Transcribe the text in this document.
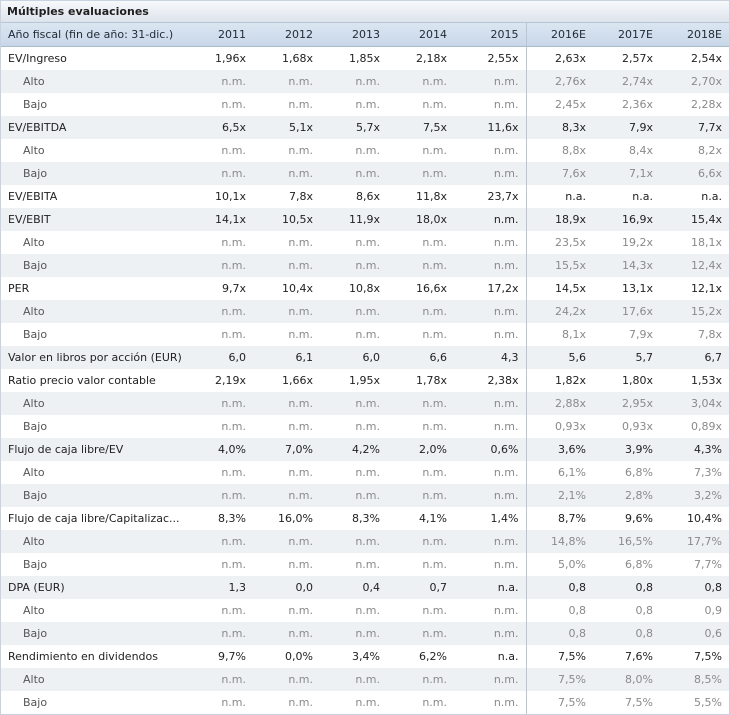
Múltiples evaluaciones
Año fiscal (fin de año: 31-dic.)	2011	2012	2013	2014	2015	2016E	2017E	2018E
EV/Ingreso	1,96x	1,68x	1,85x	2,18x	2,55x	2,63x	2,57x	2,54x
Alto	n.m.	n.m.	n.m.	n.m.	n.m.	2,76x	2,74x	2,70x
Bajo	n.m.	n.m.	n.m.	n.m.	n.m.	2,45x	2,36x	2,28x
EV/EBITDA	6,5x	5,1x	5,7x	7,5x	11,6x	8,3x	7,9x	7,7x
Alto	n.m.	n.m.	n.m.	n.m.	n.m.	8,8x	8,4x	8,2x
Bajo	n.m.	n.m.	n.m.	n.m.	n.m.	7,6x	7,1x	6,6x
EV/EBITA	10,1x	7,8x	8,6x	11,8x	23,7x	n.a.	n.a.	n.a.
EV/EBIT	14,1x	10,5x	11,9x	18,0x	n.m.	18,9x	16,9x	15,4x
Alto	n.m.	n.m.	n.m.	n.m.	n.m.	23,5x	19,2x	18,1x
Bajo	n.m.	n.m.	n.m.	n.m.	n.m.	15,5x	14,3x	12,4x
PER	9,7x	10,4x	10,8x	16,6x	17,2x	14,5x	13,1x	12,1x
Alto	n.m.	n.m.	n.m.	n.m.	n.m.	24,2x	17,6x	15,2x
Bajo	n.m.	n.m.	n.m.	n.m.	n.m.	8,1x	7,9x	7,8x
Valor en libros por acción (EUR)	6,0	6,1	6,0	6,6	4,3	5,6	5,7	6,7
Ratio precio valor contable	2,19x	1,66x	1,95x	1,78x	2,38x	1,82x	1,80x	1,53x
Alto	n.m.	n.m.	n.m.	n.m.	n.m.	2,88x	2,95x	3,04x
Bajo	n.m.	n.m.	n.m.	n.m.	n.m.	0,93x	0,93x	0,89x
Flujo de caja libre/EV	4,0%	7,0%	4,2%	2,0%	0,6%	3,6%	3,9%	4,3%
Alto	n.m.	n.m.	n.m.	n.m.	n.m.	6,1%	6,8%	7,3%
Bajo	n.m.	n.m.	n.m.	n.m.	n.m.	2,1%	2,8%	3,2%
Flujo de caja libre/Capitalizac...	8,3%	16,0%	8,3%	4,1%	1,4%	8,7%	9,6%	10,4%
Alto	n.m.	n.m.	n.m.	n.m.	n.m.	14,8%	16,5%	17,7%
Bajo	n.m.	n.m.	n.m.	n.m.	n.m.	5,0%	6,8%	7,7%
DPA (EUR)	1,3	0,0	0,4	0,7	n.a.	0,8	0,8	0,8
Alto	n.m.	n.m.	n.m.	n.m.	n.m.	0,8	0,8	0,9
Bajo	n.m.	n.m.	n.m.	n.m.	n.m.	0,8	0,8	0,6
Rendimiento en dividendos	9,7%	0,0%	3,4%	6,2%	n.a.	7,5%	7,6%	7,5%
Alto	n.m.	n.m.	n.m.	n.m.	n.m.	7,5%	8,0%	8,5%
Bajo	n.m.	n.m.	n.m.	n.m.	n.m.	7,5%	7,5%	5,5%
